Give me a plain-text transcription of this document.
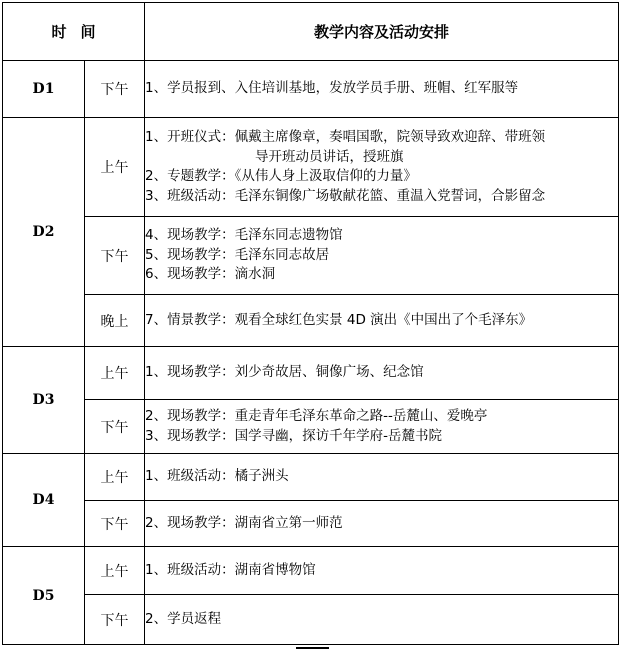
时间		教学内容及活动安排
D1	下午	1、学员报到、入住培训基地，发放学员手册、班帽、红军服等

D2	上午	1、开班仪式：佩戴主席像章，奏唱国歌，院领导致欢迎辞、带班领
导开班动员讲话，授班旗
2、专题教学：《从伟人身上汲取信仰的力量》
3、班级活动：毛泽东铜像广场敬献花篮、重温入党誓词，合影留念

	下午	4、现场教学：毛泽东同志遗物馆
5、现场教学：毛泽东同志故居
6、现场教学：滴水洞

	晚上	7、情景教学：观看全球红色实景 4D 演出《中国出了个毛泽东》

D3	上午	1、现场教学：刘少奇故居、铜像广场、纪念馆

	下午	2、现场教学：重走青年毛泽东革命之路--岳麓山、爱晚亭
3、现场教学：国学寻幽，探访千年学府-岳麓书院

D4	上午	1、班级活动：橘子洲头

	下午	2、现场教学：湖南省立第一师范

D5	上午	1、班级活动：湖南省博物馆

	下午	2、学员返程
